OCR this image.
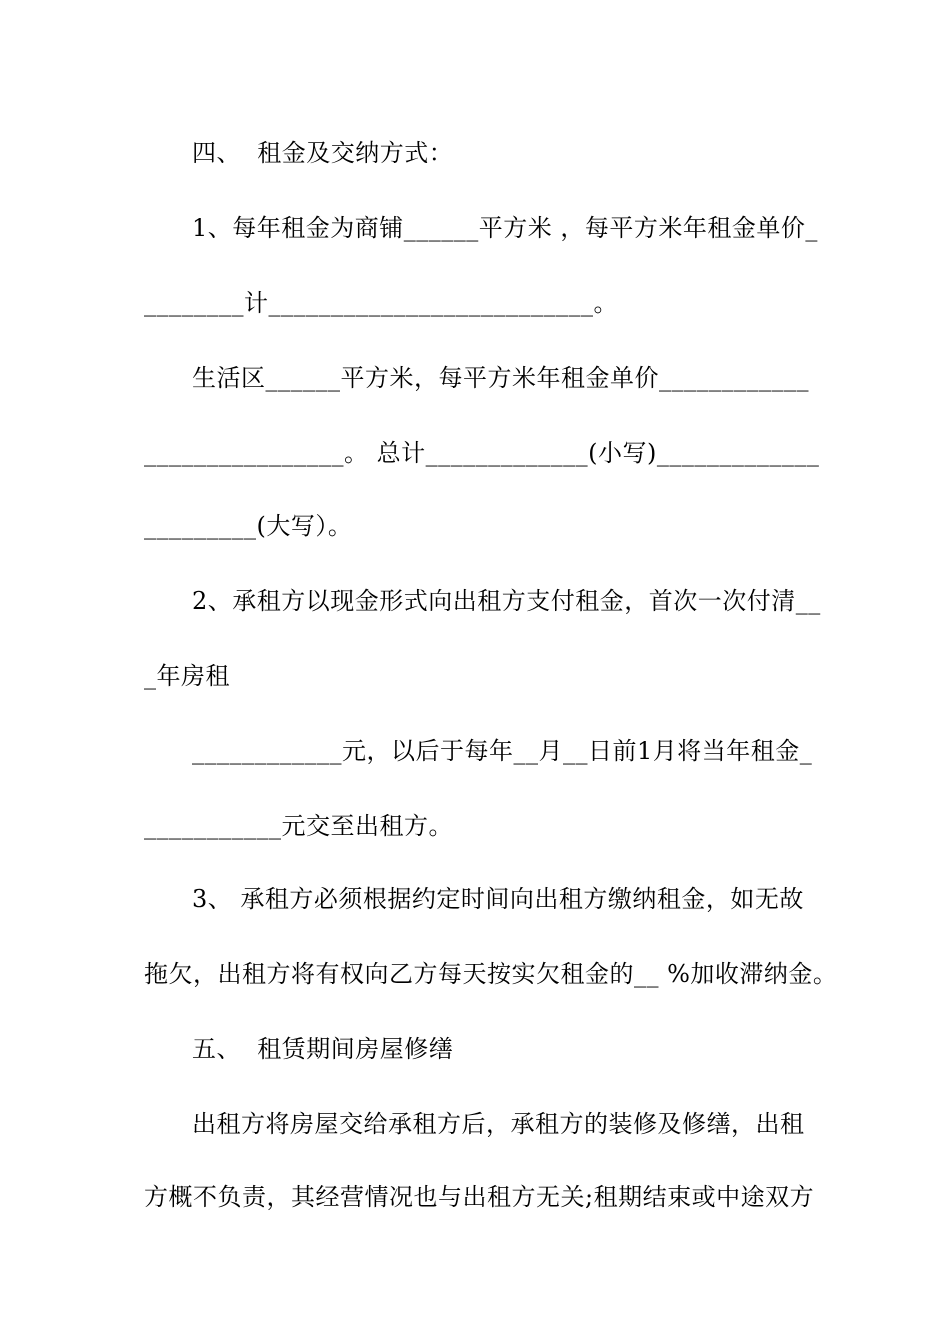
四、  租金及交纳方式：
1、每年租金为商铺______平方米 ，每平方米年租金单价_
________计__________________________。
生活区______平方米，每平方米年租金单价____________
________________。 总计_____________(小写)_____________
_________(大写）。
2、承租方以现金形式向出租方支付租金，首次一次付清__
_年房租
____________元，以后于每年__月__日前1月将当年租金_
___________元交至出租方。
3、 承租方必须根据约定时间向出租方缴纳租金，如无故
拖欠，出租方将有权向乙方每天按实欠租金的__ %加收滞纳金。
五、  租赁期间房屋修缮
出租方将房屋交给承租方后，承租方的装修及修缮，出租
方概不负责，其经营情况也与出租方无关;租期结束或中途双方
